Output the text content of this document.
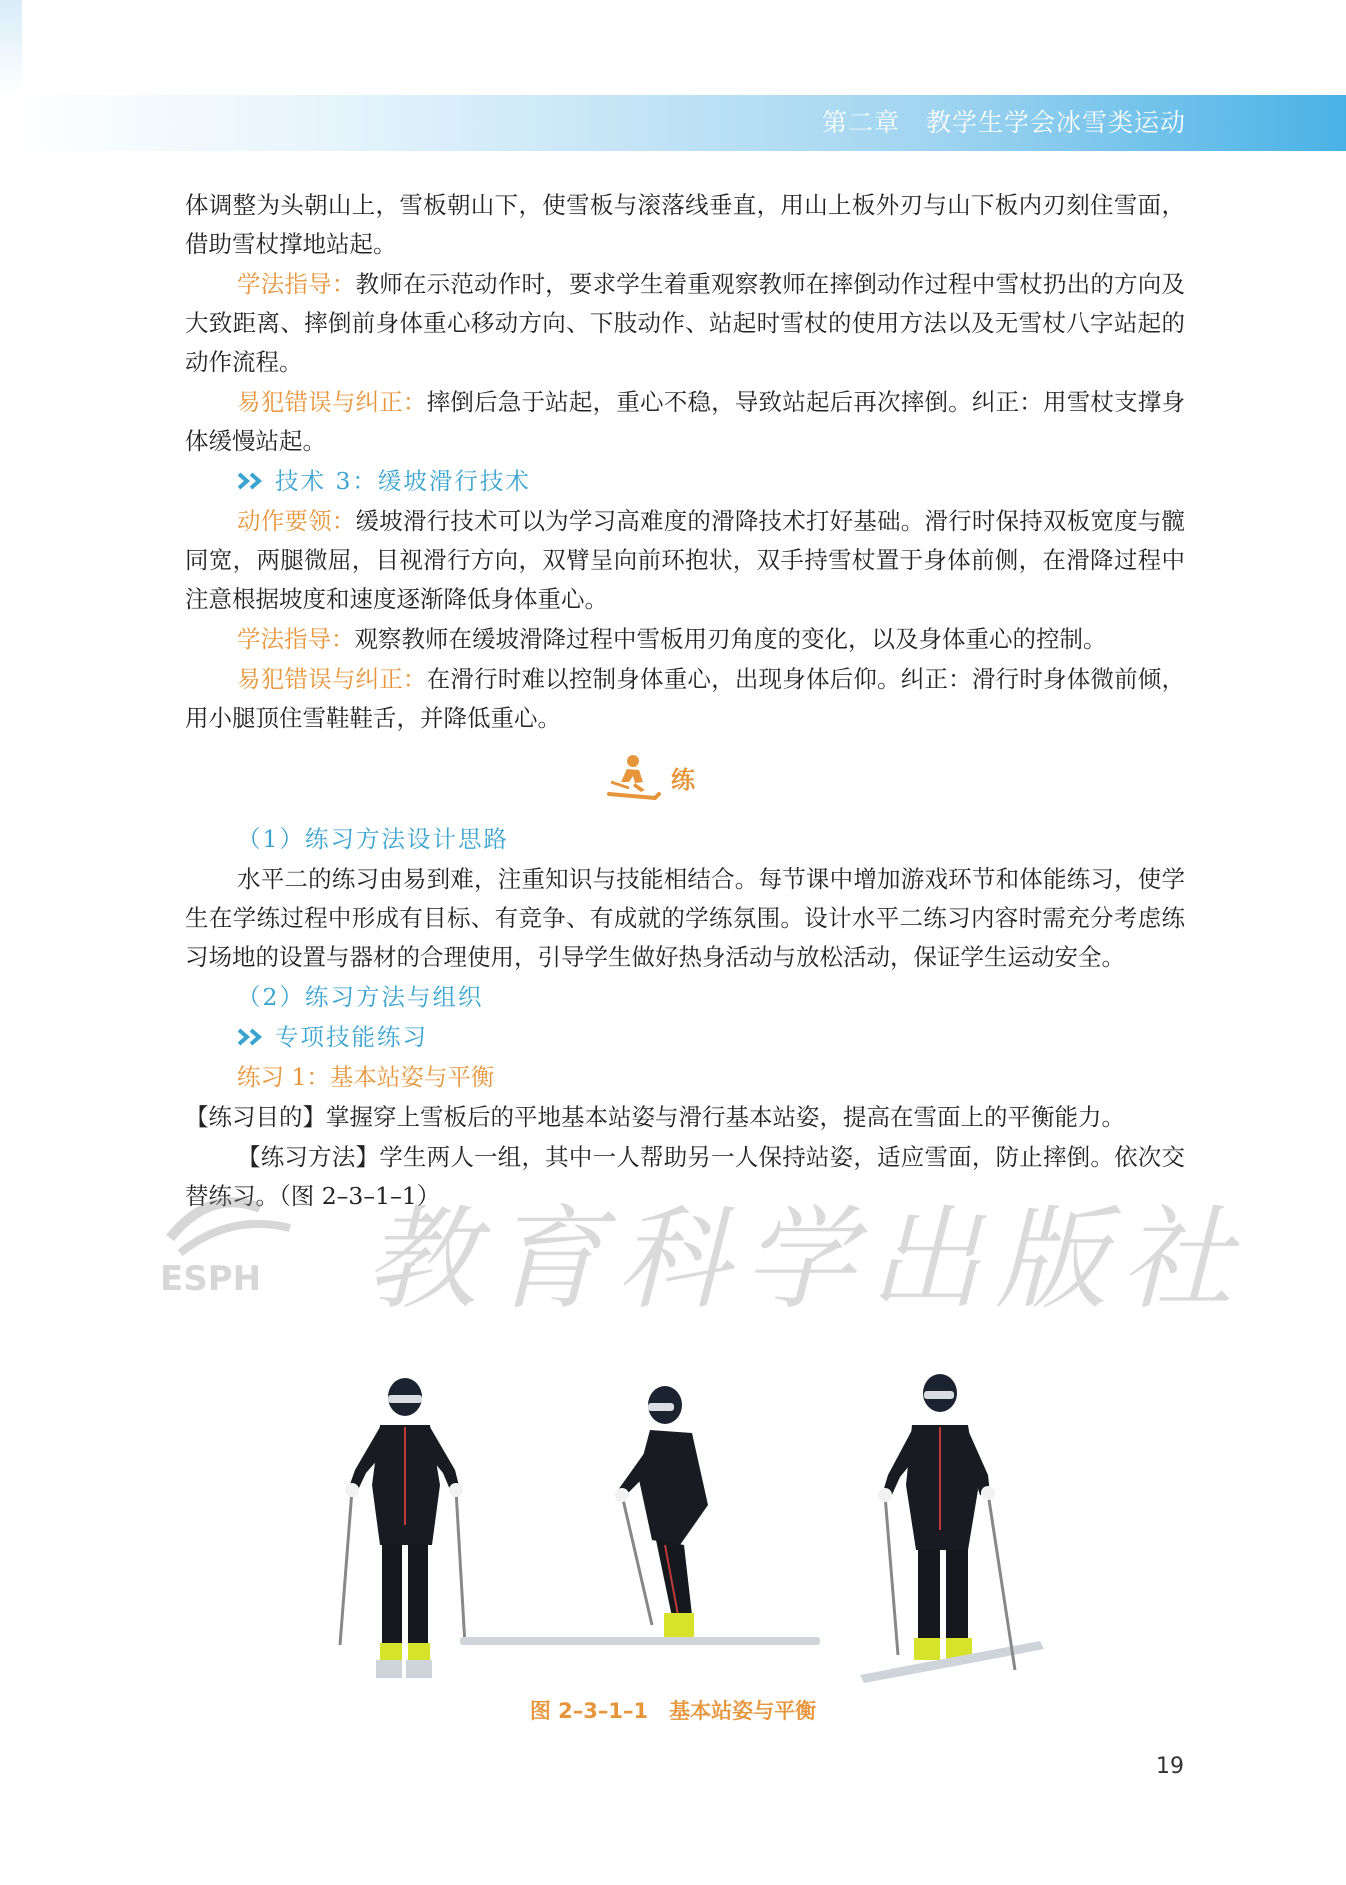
第二章　教学生学会冰雪类运动

体调整为头朝山上，雪板朝山下，使雪板与滚落线垂直，用山上板外刃与山下板内刃刻住雪面，借助雪杖撑地站起。

学法指导：教师在示范动作时，要求学生着重观察教师在摔倒动作过程中雪杖扔出的方向及大致距离、摔倒前身体重心移动方向、下肢动作、站起时雪杖的使用方法以及无雪杖八字站起的动作流程。

易犯错误与纠正：摔倒后急于站起，重心不稳，导致站起后再次摔倒。纠正：用雪杖支撑身体缓慢站起。

技术 3：缓坡滑行技术

动作要领：缓坡滑行技术可以为学习高难度的滑降技术打好基础。滑行时保持双板宽度与髋同宽，两腿微屈，目视滑行方向，双臂呈向前环抱状，双手持雪杖置于身体前侧，在滑降过程中注意根据坡度和速度逐渐降低身体重心。

学法指导：观察教师在缓坡滑降过程中雪板用刃角度的变化，以及身体重心的控制。

易犯错误与纠正：在滑行时难以控制身体重心，出现身体后仰。纠正：滑行时身体微前倾，用小腿顶住雪鞋鞋舌，并降低重心。

练

（1）练习方法设计思路

水平二的练习由易到难，注重知识与技能相结合。每节课中增加游戏环节和体能练习，使学生在学练过程中形成有目标、有竞争、有成就的学练氛围。设计水平二练习内容时需充分考虑练习场地的设置与器材的合理使用，引导学生做好热身活动与放松活动，保证学生运动安全。

（2）练习方法与组织

专项技能练习

练习 1：基本站姿与平衡

【练习目的】掌握穿上雪板后的平地基本站姿与滑行基本站姿，提高在雪面上的平衡能力。

【练习方法】学生两人一组，其中一人帮助另一人保持站姿，适应雪面，防止摔倒。依次交替练习。（图 2–3–1–1）

ESPH 教育科学出版社
图 2–3–1–1　基本站姿与平衡
19
